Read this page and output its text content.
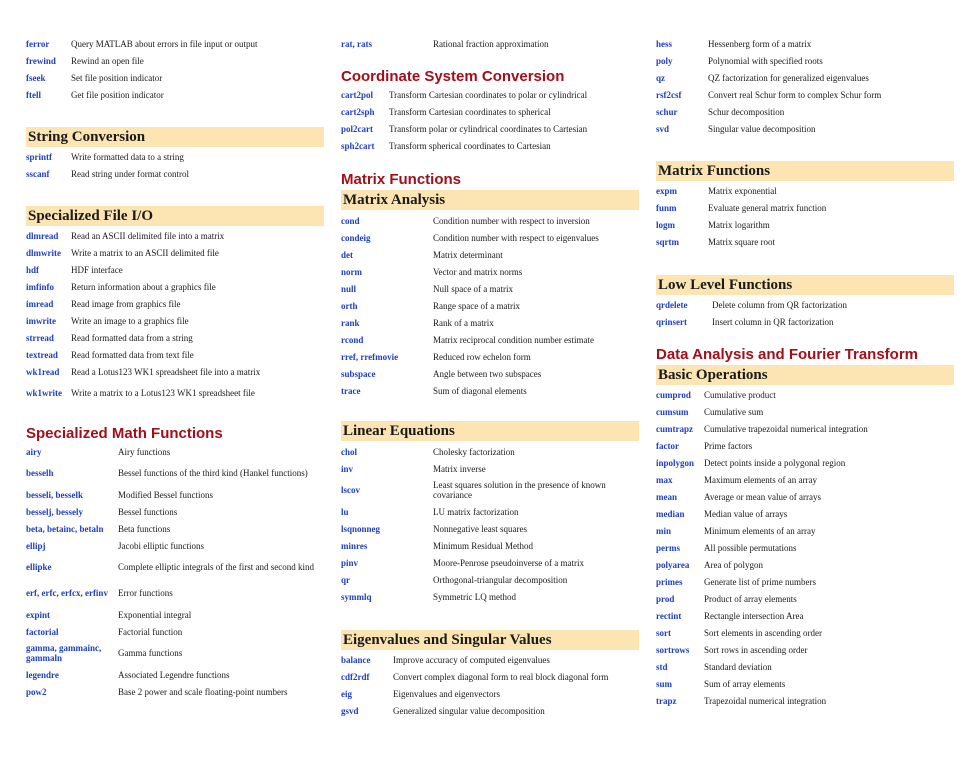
ferror	Query MATLAB about errors in file input or output
frewind	Rewind an open file
fseek	Set file position indicator
ftell	Get file position indicator
String Conversion
sprintf	Write formatted data to a string
sscanf	Read string under format control
Specialized File I/O
dlmread	Read an ASCII delimited file into a matrix
dlmwrite	Write a matrix to an ASCII delimited file
hdf	HDF interface
imfinfo	Return information about a graphics file
imread	Read image from graphics file
imwrite	Write an image to a graphics file
strread	Read formatted data from a string
textread	Read formatted data from text file
wk1read	Read a Lotus123 WK1 spreadsheet file into a matrix
wk1write	Write a matrix to a Lotus123 WK1 spreadsheet file
Specialized Math Functions
airy	Airy functions
besselh	Bessel functions of the third kind (Hankel functions)
besseli, besselk	Modified Bessel functions
besselj, bessely	Bessel functions
beta, betainc, betaln	Beta functions
ellipj	Jacobi elliptic functions
ellipke	Complete elliptic integrals of the first and second kind
erf, erfc, erfcx, erfinv	Error functions
expint	Exponential integral
factorial	Factorial function
gamma, gammainc, gammaln	Gamma functions
legendre	Associated Legendre functions
pow2	Base 2 power and scale floating-point numbers
rat, rats	Rational fraction approximation
Coordinate System Conversion
cart2pol	Transform Cartesian coordinates to polar or cylindrical
cart2sph	Transform Cartesian coordinates to spherical
pol2cart	Transform polar or cylindrical coordinates to Cartesian
sph2cart	Transform spherical coordinates to Cartesian
Matrix Functions
Matrix Analysis
cond	Condition number with respect to inversion
condeig	Condition number with respect to eigenvalues
det	Matrix determinant
norm	Vector and matrix norms
null	Null space of a matrix
orth	Range space of a matrix
rank	Rank of a matrix
rcond	Matrix reciprocal condition number estimate
rref, rrefmovie	Reduced row echelon form
subspace	Angle between two subspaces
trace	Sum of diagonal elements
Linear Equations
chol	Cholesky factorization
inv	Matrix inverse
lscov	Least squares solution in the presence of known covariance
lu	LU matrix factorization
lsqnonneg	Nonnegative least squares
minres	Minimum Residual Method
pinv	Moore-Penrose pseudoinverse of a matrix
qr	Orthogonal-triangular decomposition
symmlq	Symmetric LQ method
Eigenvalues and Singular Values
balance	Improve accuracy of computed eigenvalues
cdf2rdf	Convert complex diagonal form to real block diagonal form
eig	Eigenvalues and eigenvectors
gsvd	Generalized singular value decomposition
hess	Hessenberg form of a matrix
poly	Polynomial with specified roots
qz	QZ factorization for generalized eigenvalues
rsf2csf	Convert real Schur form to complex Schur form
schur	Schur decomposition
svd	Singular value decomposition
Matrix Functions
expm	Matrix exponential
funm	Evaluate general matrix function
logm	Matrix logarithm
sqrtm	Matrix square root
Low Level Functions
qrdelete	Delete column from QR factorization
qrinsert	Insert column in QR factorization
Data Analysis and Fourier Transform
Basic Operations
cumprod	Cumulative product
cumsum	Cumulative sum
cumtrapz	Cumulative trapezoidal numerical integration
factor	Prime factors
inpolygon	Detect points inside a polygonal region
max	Maximum elements of an array
mean	Average or mean value of arrays
median	Median value of arrays
min	Minimum elements of an array
perms	All possible permutations
polyarea	Area of polygon
primes	Generate list of prime numbers
prod	Product of array elements
rectint	Rectangle intersection Area
sort	Sort elements in ascending order
sortrows	Sort rows in ascending order
std	Standard deviation
sum	Sum of array elements
trapz	Trapezoidal numerical integration
